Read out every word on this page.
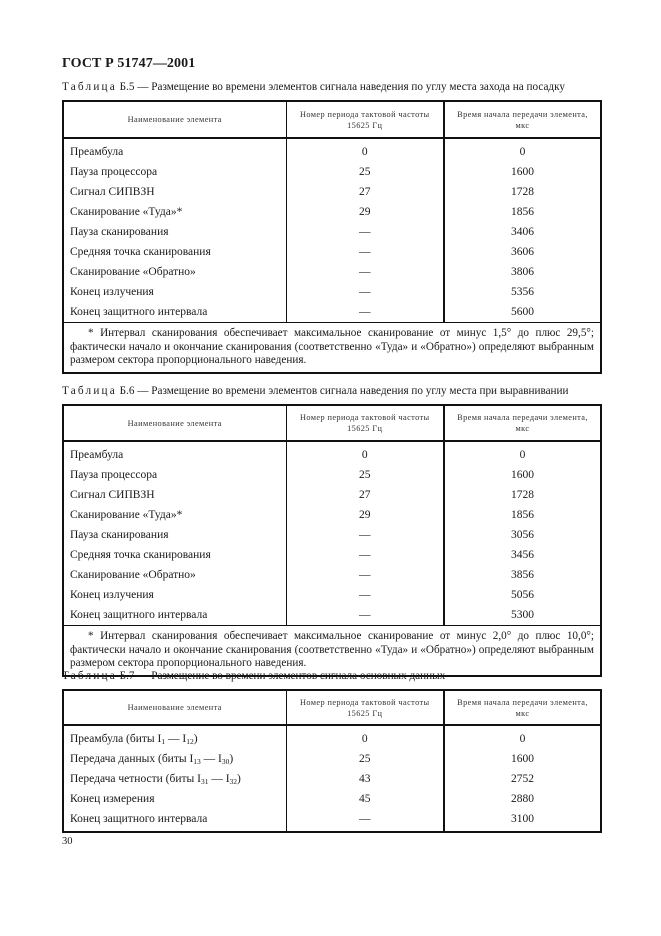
ГОСТ Р 51747—2001
Таблица Б.5 — Размещение во времени элементов сигнала наведения по углу места захода на посадку
Наименование элемента	Номер периода тактовой частоты 15625 Гц	Время начала передачи элемента, мкс
Преамбула	0	0
Пауза процессора	25	1600
Сигнал СИПВЗН	27	1728
Сканирование «Туда»*	29	1856
Пауза сканирования	—	3406
Средняя точка сканирования	—	3606
Сканирование «Обратно»	—	3806
Конец излучения	—	5356
Конец защитного интервала	—	5600
* Интервал сканирования обеспечивает максимальное сканирование от минус 1,5° до плюс 29,5°; фактически начало и окончание сканирования (соответственно «Туда» и «Обратно») определяют выбранным размером сектора пропорционального наведения.		
Таблица Б.6 — Размещение во времени элементов сигнала наведения по углу места при выравнивании
Наименование элемента	Номер периода тактовой частоты 15625 Гц	Время начала передачи элемента, мкс
Преамбула	0	0
Пауза процессора	25	1600
Сигнал СИПВЗН	27	1728
Сканирование «Туда»*	29	1856
Пауза сканирования	—	3056
Средняя точка сканирования	—	3456
Сканирование «Обратно»	—	3856
Конец излучения	—	5056
Конец защитного интервала	—	5300
* Интервал сканирования обеспечивает максимальное сканирование от минус 2,0° до плюс 10,0°; фактически начало и окончание сканирования (соответственно «Туда» и «Обратно») определяют выбранным размером сектора пропорционального наведения.		
Таблица Б.7 — Размещение во времени элементов сигнала основных данных
Наименование элемента	Номер периода тактовой частоты 15625 Гц	Время начала передачи элемента, мкс
Преамбула (биты $I_1$ — $I_{12}$)	0	0
Передача данных (биты $I_{13}$ — $I_{30}$)	25	1600
Передача четности (биты $I_{31}$ — $I_{32}$)	43	2752
Конец измерения	45	2880
Конец защитного интервала	—	3100
30
